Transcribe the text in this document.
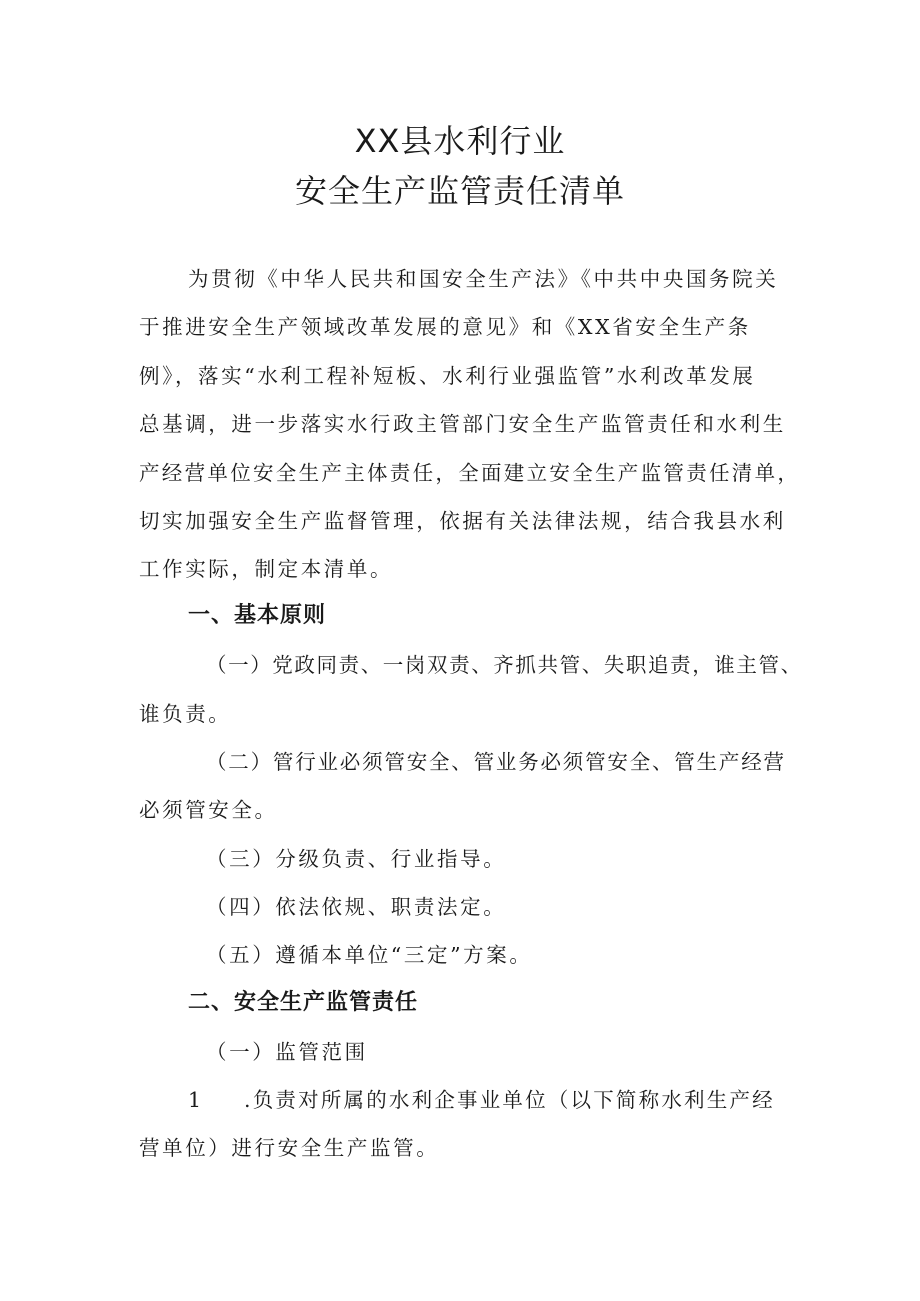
XX县水利行业
安全生产监管责任清单
为贯彻《中华人民共和国安全生产法》《中共中央国务院关
于推进安全生产领域改革发展的意见》和《XX省安全生产条
例》，落实“水利工程补短板、水利行业强监管”水利改革发展
总基调，进一步落实水行政主管部门安全生产监管责任和水利生
产经营单位安全生产主体责任，全面建立安全生产监管责任清单，
切实加强安全生产监督管理，依据有关法律法规，结合我县水利
工作实际，制定本清单。
一、基本原则
（一）党政同责、一岗双责、齐抓共管、失职追责，谁主管、
谁负责。
（二）管行业必须管安全、管业务必须管安全、管生产经营
必须管安全。
（三）分级负责、行业指导。
（四）依法依规、职责法定。
（五）遵循本单位“三定”方案。
二、安全生产监管责任
（一）监管范围
1 .负责对所属的水利企事业单位（以下简称水利生产经
营单位）进行安全生产监管。
